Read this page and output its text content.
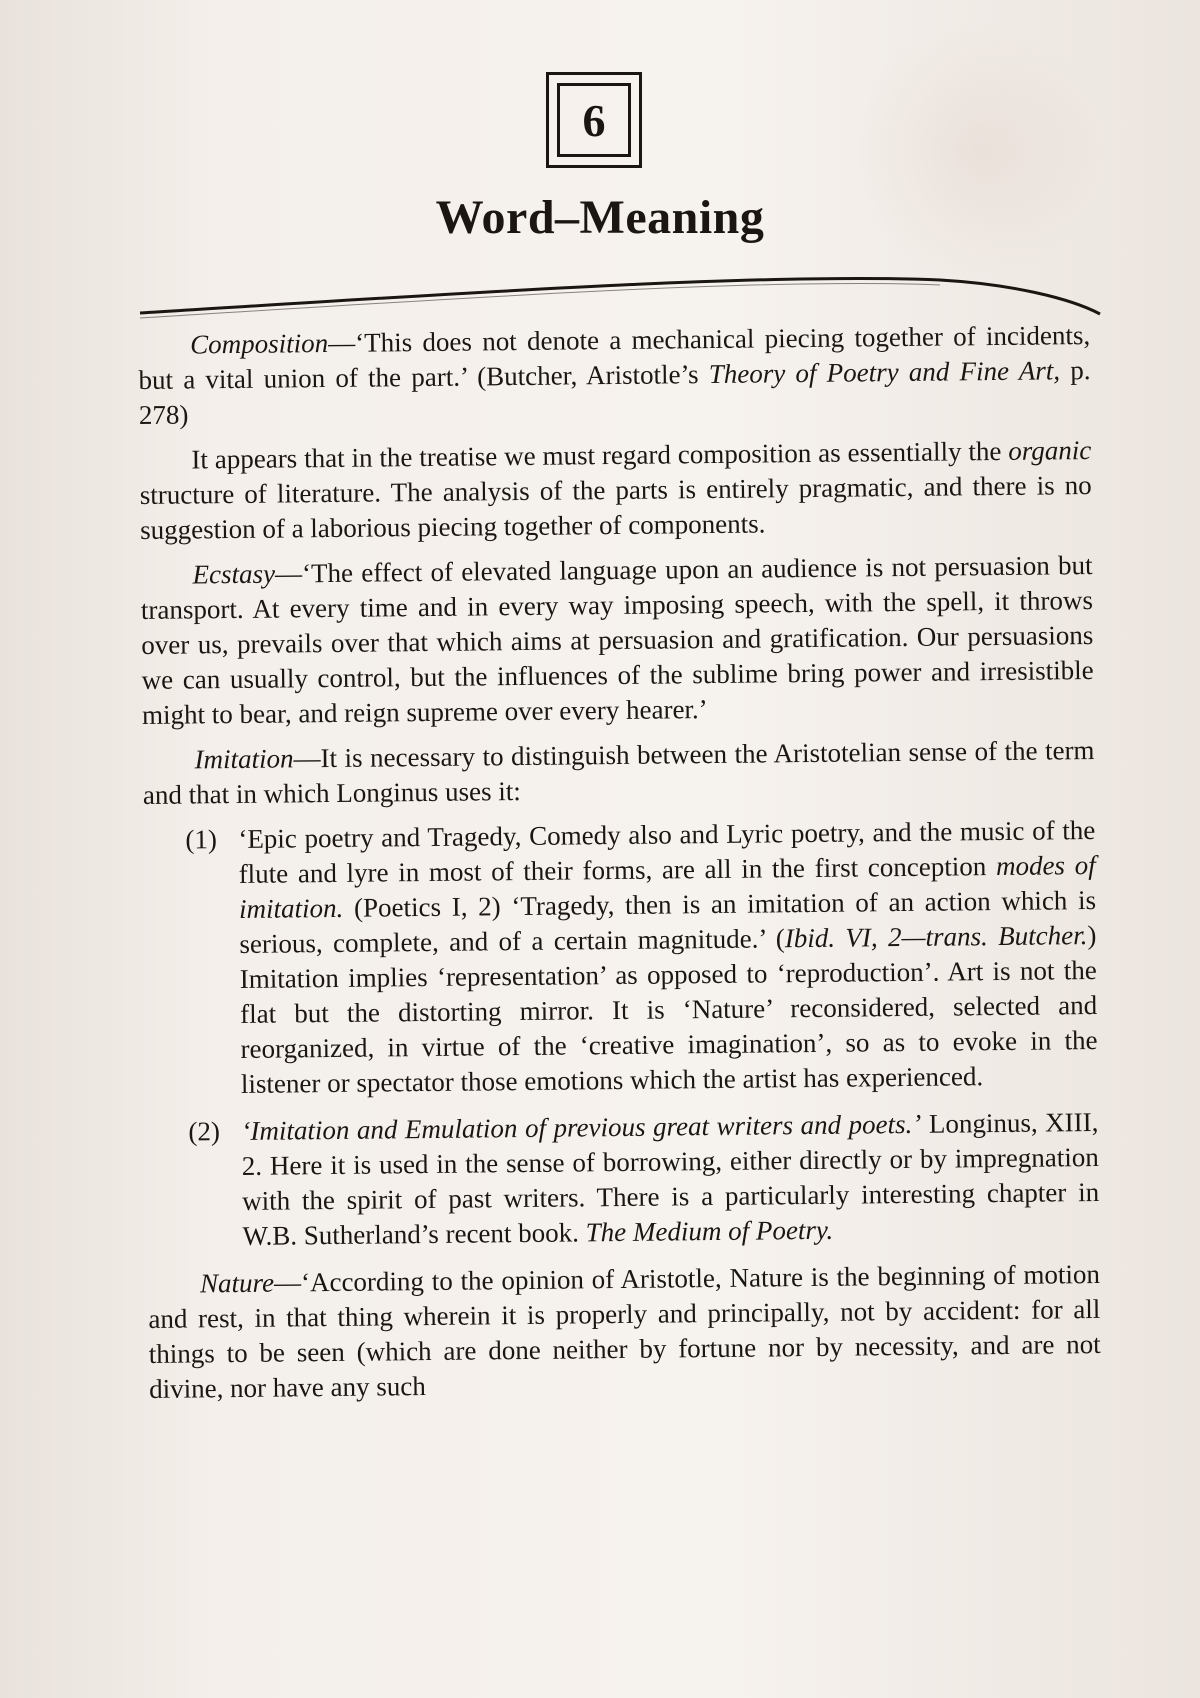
6
Word–Meaning

Composition—‘This does not denote a mechanical piecing together of incidents, but a vital union of the part.’ (Butcher, Aristotle’s Theory of Poetry and Fine Art, p. 278)

It appears that in the treatise we must regard composition as essentially the organic structure of literature. The analysis of the parts is entirely pragmatic, and there is no suggestion of a laborious piecing together of components.

Ecstasy—‘The effect of elevated language upon an audience is not persuasion but transport. At every time and in every way imposing speech, with the spell, it throws over us, prevails over that which aims at persuasion and gratification. Our persuasions we can usually control, but the influences of the sublime bring power and irresistible might to bear, and reign supreme over every hearer.’

Imitation—It is necessary to distinguish between the Aristotelian sense of the term and that in which Longinus uses it:

(1) ‘Epic poetry and Tragedy, Comedy also and Lyric poetry, and the music of the flute and lyre in most of their forms, are all in the first conception modes of imitation. (Poetics I, 2) ‘Tragedy, then is an imitation of an action which is serious, complete, and of a certain magnitude.’ (Ibid. VI, 2—trans. Butcher.) Imitation implies ‘representation’ as opposed to ‘reproduction’. Art is not the flat but the distorting mirror. It is ‘Nature’ reconsidered, selected and reorganized, in virtue of the ‘creative imagination’, so as to evoke in the listener or spectator those emotions which the artist has experienced.
(2) ‘Imitation and Emulation of previous great writers and poets.’ Longinus, XIII, 2. Here it is used in the sense of borrowing, either directly or by impregnation with the spirit of past writers. There is a particularly interesting chapter in W.B. Sutherland’s recent book. The Medium of Poetry.

Nature—‘According to the opinion of Aristotle, Nature is the beginning of motion and rest, in that thing wherein it is properly and principally, not by accident: for all things to be seen (which are done neither by fortune nor by necessity, and are not divine, nor have any such
